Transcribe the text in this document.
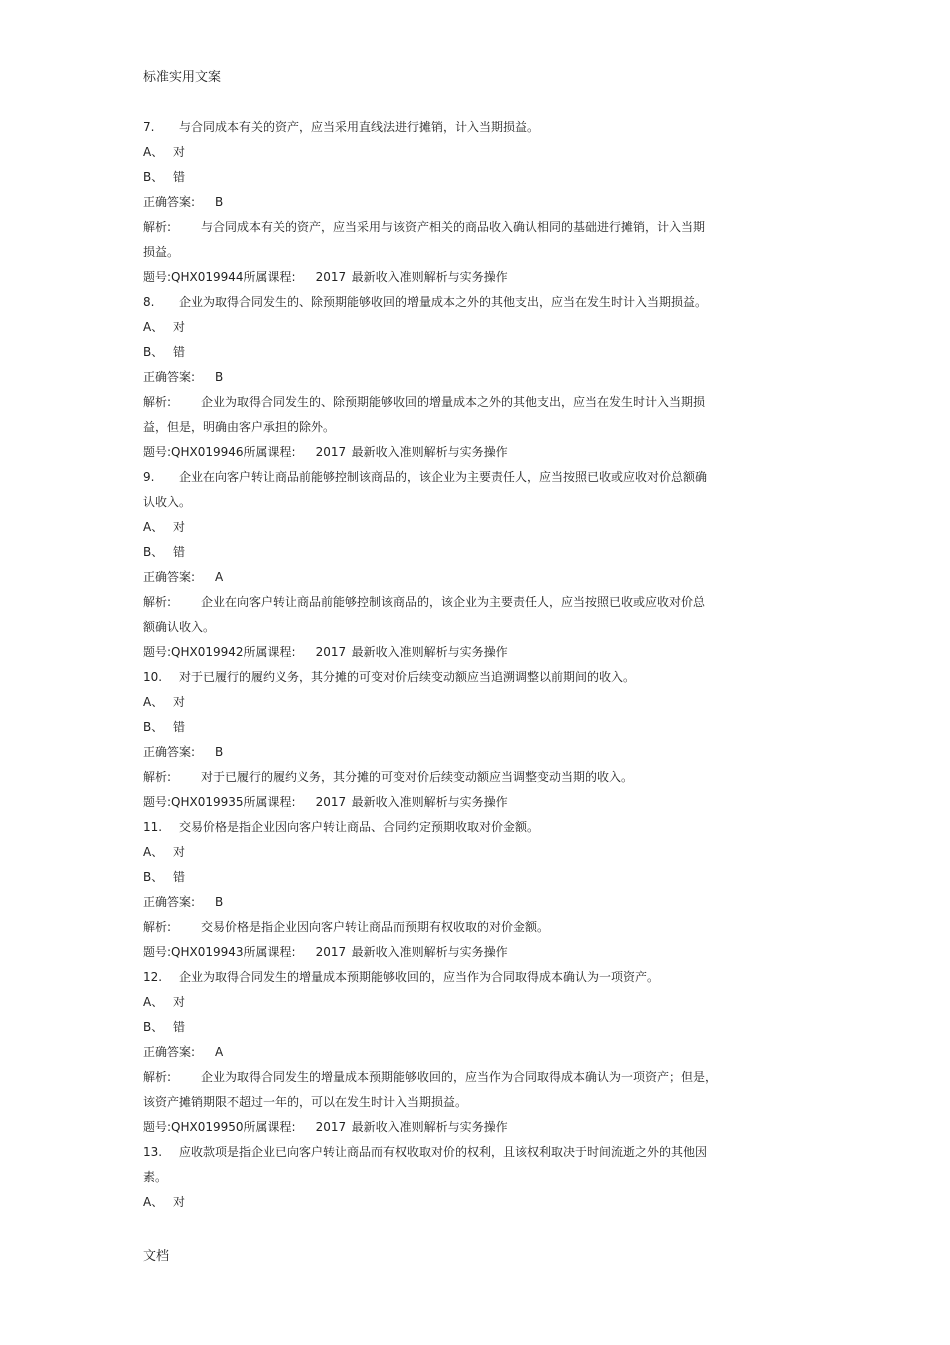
标准实用文案
7. 与合同成本有关的资产，应当采用直线法进行摊销，计入当期损益。
A、 对
B、 错
正确答案: B
解析: 与合同成本有关的资产，应当采用与该资产相关的商品收入确认相同的基础进行摊销，计入当期
损益。
题号:QHX019944所属课程: 2017 最新收入准则解析与实务操作
8. 企业为取得合同发生的、除预期能够收回的增量成本之外的其他支出，应当在发生时计入当期损益。
A、 对
B、 错
正确答案: B
解析: 企业为取得合同发生的、除预期能够收回的增量成本之外的其他支出，应当在发生时计入当期损
益，但是，明确由客户承担的除外。
题号:QHX019946所属课程: 2017 最新收入准则解析与实务操作
9. 企业在向客户转让商品前能够控制该商品的，该企业为主要责任人，应当按照已收或应收对价总额确
认收入。
A、 对
B、 错
正确答案: A
解析: 企业在向客户转让商品前能够控制该商品的，该企业为主要责任人，应当按照已收或应收对价总
额确认收入。
题号:QHX019942所属课程: 2017 最新收入准则解析与实务操作
10. 对于已履行的履约义务，其分摊的可变对价后续变动额应当追溯调整以前期间的收入。
A、 对
B、 错
正确答案: B
解析: 对于已履行的履约义务，其分摊的可变对价后续变动额应当调整变动当期的收入。
题号:QHX019935所属课程: 2017 最新收入准则解析与实务操作
11. 交易价格是指企业因向客户转让商品、合同约定预期收取对价金额。
A、 对
B、 错
正确答案: B
解析: 交易价格是指企业因向客户转让商品而预期有权收取的对价金额。
题号:QHX019943所属课程: 2017 最新收入准则解析与实务操作
12. 企业为取得合同发生的增量成本预期能够收回的，应当作为合同取得成本确认为一项资产。
A、 对
B、 错
正确答案: A
解析: 企业为取得合同发生的增量成本预期能够收回的，应当作为合同取得成本确认为一项资产；但是，
该资产摊销期限不超过一年的，可以在发生时计入当期损益。
题号:QHX019950所属课程: 2017 最新收入准则解析与实务操作
13. 应收款项是指企业已向客户转让商品而有权收取对价的权利，且该权利取决于时间流逝之外的其他因
素。
A、 对
文档
